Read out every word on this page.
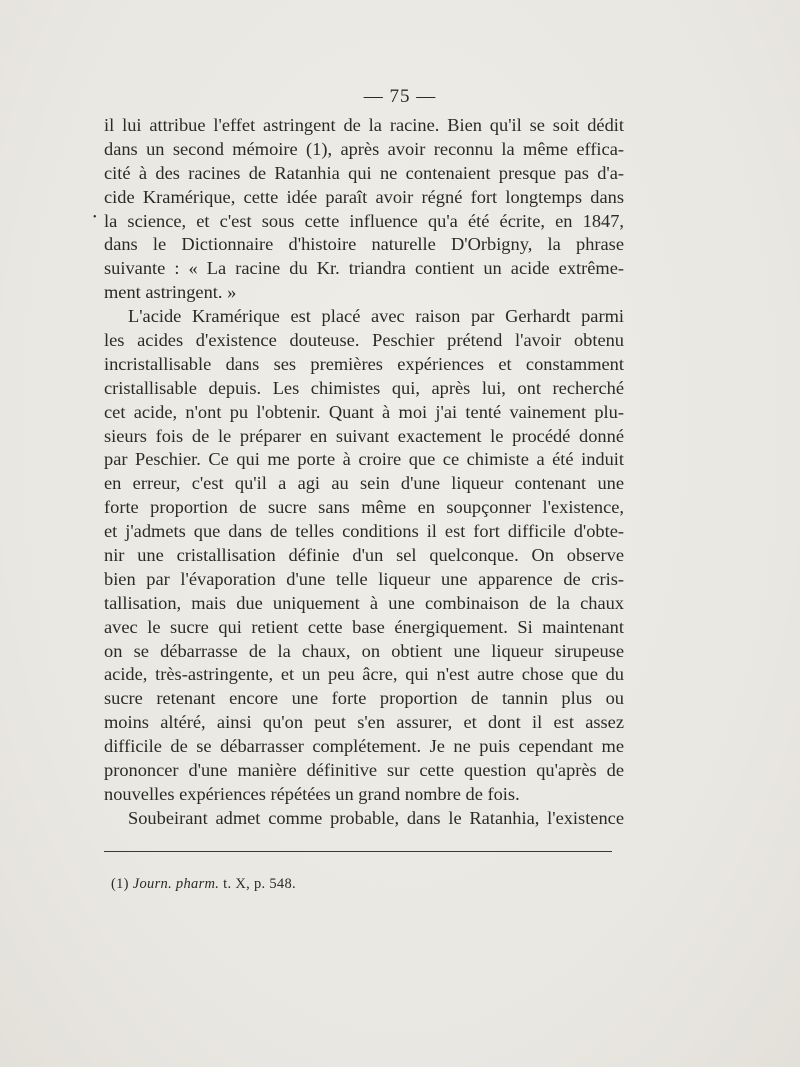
— 75 —
•
il lui attribue l'effet astringent de la racine. Bien qu'il se soit dédit
dans un second mémoire (1), après avoir reconnu la même effica-
cité à des racines de Ratanhia qui ne contenaient presque pas d'a-
cide Kramérique, cette idée paraît avoir régné fort longtemps dans
la science, et c'est sous cette influence qu'a été écrite, en 1847,
dans le Dictionnaire d'histoire naturelle D'Orbigny, la phrase
suivante : « La racine du Kr. triandra contient un acide extrême-
ment astringent. »
L'acide Kramérique est placé avec raison par Gerhardt parmi
les acides d'existence douteuse. Peschier prétend l'avoir obtenu
incristallisable dans ses premières expériences et constamment
cristallisable depuis. Les chimistes qui, après lui, ont recherché
cet acide, n'ont pu l'obtenir. Quant à moi j'ai tenté vainement plu-
sieurs fois de le préparer en suivant exactement le procédé donné
par Peschier. Ce qui me porte à croire que ce chimiste a été induit
en erreur, c'est qu'il a agi au sein d'une liqueur contenant une
forte proportion de sucre sans même en soupçonner l'existence,
et j'admets que dans de telles conditions il est fort difficile d'obte-
nir une cristallisation définie d'un sel quelconque. On observe
bien par l'évaporation d'une telle liqueur une apparence de cris-
tallisation, mais due uniquement à une combinaison de la chaux
avec le sucre qui retient cette base énergiquement. Si maintenant
on se débarrasse de la chaux, on obtient une liqueur sirupeuse
acide, très-astringente, et un peu âcre, qui n'est autre chose que du
sucre retenant encore une forte proportion de tannin plus ou
moins altéré, ainsi qu'on peut s'en assurer, et dont il est assez
difficile de se débarrasser complétement. Je ne puis cependant me
prononcer d'une manière définitive sur cette question qu'après de
nouvelles expériences répétées un grand nombre de fois.
Soubeirant admet comme probable, dans le Ratanhia, l'existence
(1) Journ. pharm. t. X, p. 548.
